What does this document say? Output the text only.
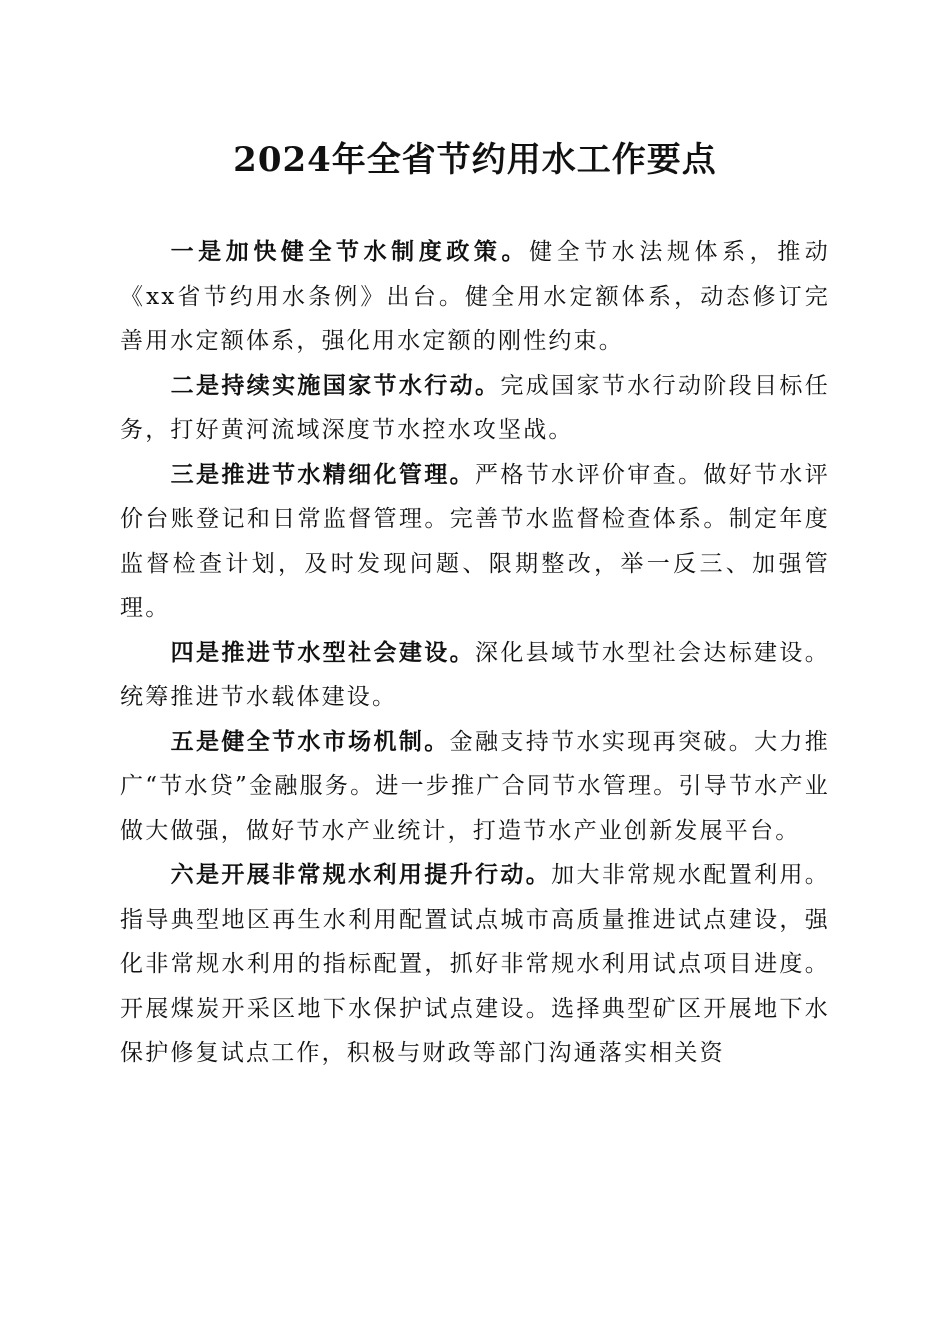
2024年全省节约用水工作要点

一是加快健全节水制度政策。健全节水法规体系，推动《xx省节约用水条例》出台。健全用水定额体系，动态修订完善用水定额体系，强化用水定额的刚性约束。

二是持续实施国家节水行动。完成国家节水行动阶段目标任务，打好黄河流域深度节水控水攻坚战。

三是推进节水精细化管理。严格节水评价审查。做好节水评价台账登记和日常监督管理。完善节水监督检查体系。制定年度监督检查计划，及时发现问题、限期整改，举一反三、加强管理。

四是推进节水型社会建设。深化县域节水型社会达标建设。统筹推进节水载体建设。

五是健全节水市场机制。金融支持节水实现再突破。大力推广“节水贷”金融服务。进一步推广合同节水管理。引导节水产业做大做强，做好节水产业统计，打造节水产业创新发展平台。

六是开展非常规水利用提升行动。加大非常规水配置利用。指导典型地区再生水利用配置试点城市高质量推进试点建设，强化非常规水利用的指标配置，抓好非常规水利用试点项目进度。开展煤炭开采区地下水保护试点建设。选择典型矿区开展地下水保护修复试点工作，积极与财政等部门沟通落实相关资
